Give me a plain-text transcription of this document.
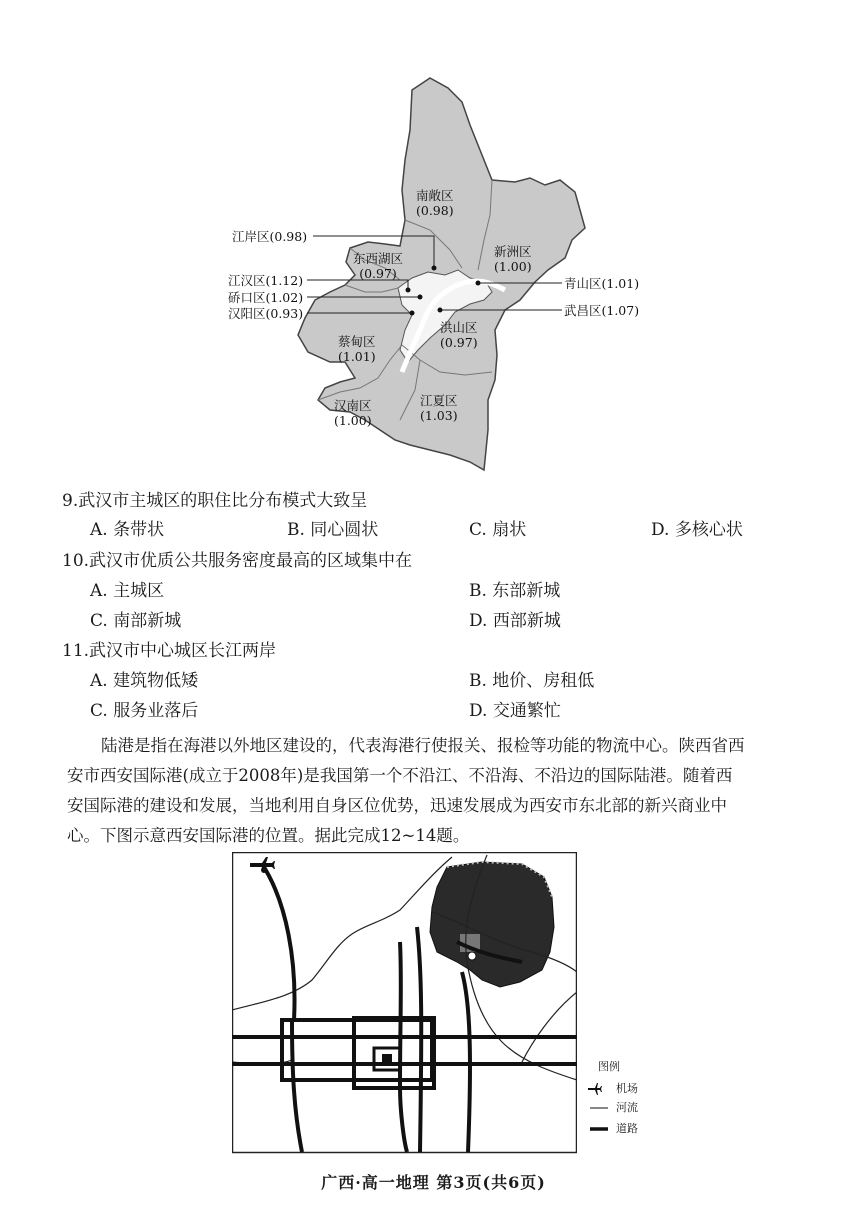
南敞区
(0.98)
新洲区
(1.00)
东西湖区
(0.97)
洪山区
(0.97)
蔡甸区
(1.01)
汉南区
(1.00)
江夏区
(1.03)
江岸区(0.98)
江汉区(1.12)
硚口区(1.02)
汉阳区(0.93)
青山区(1.01)
武昌区(1.07)
9.武汉市主城区的职住比分布模式大致呈
A. 条带状	B. 同心圆状	C. 扇状	D. 多核心状
10.武汉市优质公共服务密度最高的区域集中在
A. 主城区	B. 东部新城
C. 南部新城	D. 西部新城
11.武汉市中心城区长江两岸
A. 建筑物低矮	B. 地价、房租低
C. 服务业落后	D. 交通繁忙
陆港是指在海港以外地区建设的，代表海港行使报关、报检等功能的物流中心。陕西省西
安市西安国际港(成立于2008年)是我国第一个不沿江、不沿海、不沿边的国际陆港。随着西
安国际港的建设和发展，当地利用自身区位优势，迅速发展成为西安市东北部的新兴商业中
心。下图示意西安国际港的位置。据此完成12~14题。
图例
机场
河流
道路
广西·高一地理 第3页(共6页)
